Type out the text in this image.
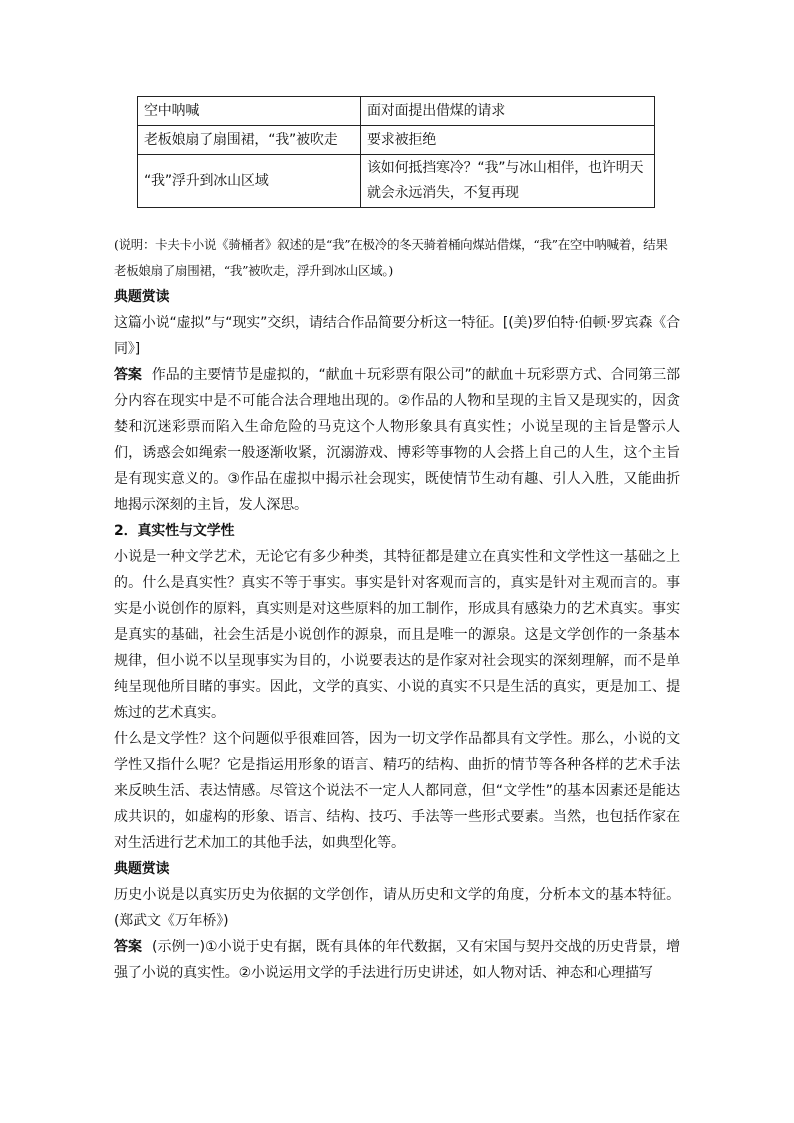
空中呐喊	面对面提出借煤的请求
老板娘扇了扇围裙，“我”被吹走	要求被拒绝
“我”浮升到冰山区域	该如何抵挡寒冷？“我”与冰山相伴，也许明天就会永远消失，不复再现
(说明：卡夫卡小说《骑桶者》叙述的是“我”在极冷的冬天骑着桶向煤站借煤，“我”在空中呐喊着，结果老板娘扇了扇围裙，“我”被吹走，浮升到冰山区域。)

典题赏读

这篇小说“虚拟”与“现实”交织，请结合作品简要分析这一特征。[(美)罗伯特·伯顿·罗宾森《合同》]

答案 作品的主要情节是虚拟的，“献血＋玩彩票有限公司”的献血＋玩彩票方式、合同第三部分内容在现实中是不可能合法合理地出现的。②作品的人物和呈现的主旨又是现实的，因贪婪和沉迷彩票而陷入生命危险的马克这个人物形象具有真实性；小说呈现的主旨是警示人们，诱惑会如绳索一般逐渐收紧，沉溺游戏、博彩等事物的人会搭上自己的人生，这个主旨是有现实意义的。③作品在虚拟中揭示社会现实，既使情节生动有趣、引人入胜，又能曲折地揭示深刻的主旨，发人深思。

2．真实性与文学性

小说是一种文学艺术，无论它有多少种类，其特征都是建立在真实性和文学性这一基础之上的。什么是真实性？真实不等于事实。事实是针对客观而言的，真实是针对主观而言的。事实是小说创作的原料，真实则是对这些原料的加工制作，形成具有感染力的艺术真实。事实是真实的基础，社会生活是小说创作的源泉，而且是唯一的源泉。这是文学创作的一条基本规律，但小说不以呈现事实为目的，小说要表达的是作家对社会现实的深刻理解，而不是单纯呈现他所目睹的事实。因此，文学的真实、小说的真实不只是生活的真实，更是加工、提炼过的艺术真实。

什么是文学性？这个问题似乎很难回答，因为一切文学作品都具有文学性。那么，小说的文学性又指什么呢？它是指运用形象的语言、精巧的结构、曲折的情节等各种各样的艺术手法来反映生活、表达情感。尽管这个说法不一定人人都同意，但“文学性”的基本因素还是能达成共识的，如虚构的形象、语言、结构、技巧、手法等一些形式要素。当然，也包括作家在对生活进行艺术加工的其他手法，如典型化等。

典题赏读

历史小说是以真实历史为依据的文学创作，请从历史和文学的角度，分析本文的基本特征。(郑武文《万年桥》)

答案 (示例一)①小说于史有据，既有具体的年代数据，又有宋国与契丹交战的历史背景，增强了小说的真实性。②小说运用文学的手法进行历史讲述，如人物对话、神态和心理描写
